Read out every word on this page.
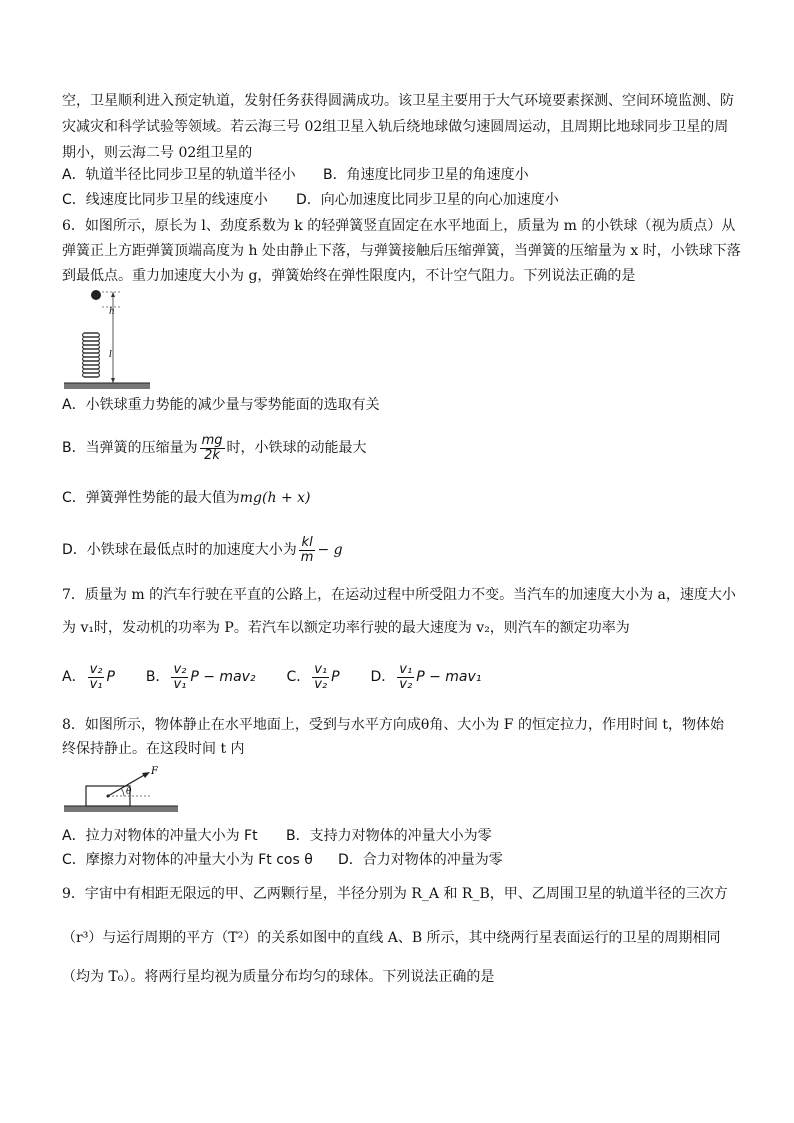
空，卫星顺利进入预定轨道，发射任务获得圆满成功。该卫星主要用于大气环境要素探测、空间环境监测、防
灾减灾和科学试验等领域。若云海三号 02组卫星入轨后绕地球做匀速圆周运动，且周期比地球同步卫星的周
期小，则云海二号 02组卫星的
A．轨道半径比同步卫星的轨道半径小 B．角速度比同步卫星的角速度小
C．线速度比同步卫星的线速度小 D．向心加速度比同步卫星的向心加速度小
6．如图所示，原长为 l、劲度系数为 k 的轻弹簧竖直固定在水平地面上，质量为 m 的小铁球（视为质点）从
弹簧正上方距弹簧顶端高度为 h 处由静止下落，与弹簧接触后压缩弹簧，当弹簧的压缩量为 x 时，小铁球下落
到最低点。重力加速度大小为 g，弹簧始终在弹性限度内，不计空气阻力。下列说法正确的是
h
l
A．小铁球重力势能的减少量与零势能面的选取有关
B．当弹簧的压缩量为 $\frac{mg}{2k}$ 时，小铁球的动能最大
C．弹簧弹性势能的最大值为mg(h + x)
D．小铁球在最低点时的加速度大小为 $\frac{kl}{m} - g$
7．质量为 m 的汽车行驶在平直的公路上，在运动过程中所受阻力不变。当汽车的加速度大小为 a，速度大小
为 v₁时，发动机的功率为 P。若汽车以额定功率行驶的最大速度为 v₂，则汽车的额定功率为
A． $\frac{\text{v₂}}{\text{v₁}}$ P B． $\frac{\text{v₂}}{\text{v₁}}$ P − mav₂ C． $\frac{\text{v₁}}{\text{v₂}}$ P D． $\frac{\text{v₁}}{\text{v₂}}$ P − mav₁
8．如图所示，物体静止在水平地面上，受到与水平方向成θ角、大小为 F 的恒定拉力，作用时间 t，物体始
终保持静止。在这段时间 t 内
F
θ
A．拉力对物体的冲量大小为 Ft B．支持力对物体的冲量大小为零
C．摩擦力对物体的冲量大小为 Ft cos θ D．合力对物体的冲量为零
9．宇宙中有相距无限远的甲、乙两颗行星，半径分别为 R_A 和 R_B，甲、乙周围卫星的轨道半径的三次方
（r³）与运行周期的平方（T²）的关系如图中的直线 A、B 所示，其中绕两行星表面运行的卫星的周期相同
（均为 T₀）。将两行星均视为质量分布均匀的球体。下列说法正确的是
